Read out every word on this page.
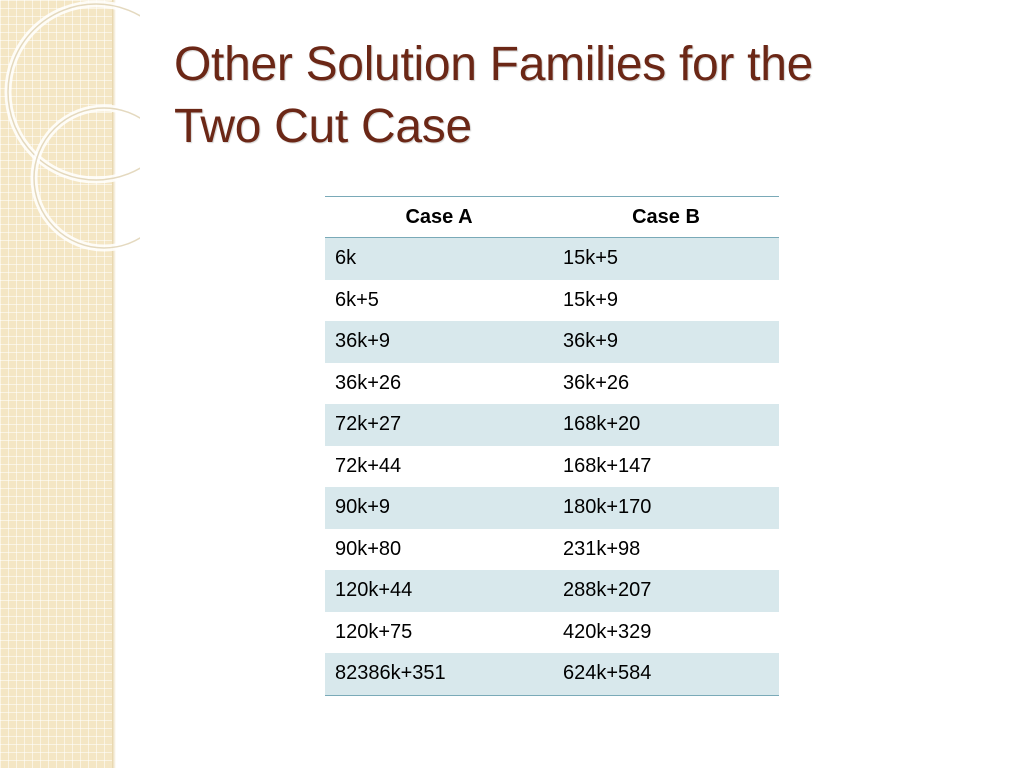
Other Solution Families for the
Two Cut Case
Case A	Case B
6k	15k+5
6k+5	15k+9
36k+9	36k+9
36k+26	36k+26
72k+27	168k+20
72k+44	168k+147
90k+9	180k+170
90k+80	231k+98
120k+44	288k+207
120k+75	420k+329
82386k+351	624k+584
